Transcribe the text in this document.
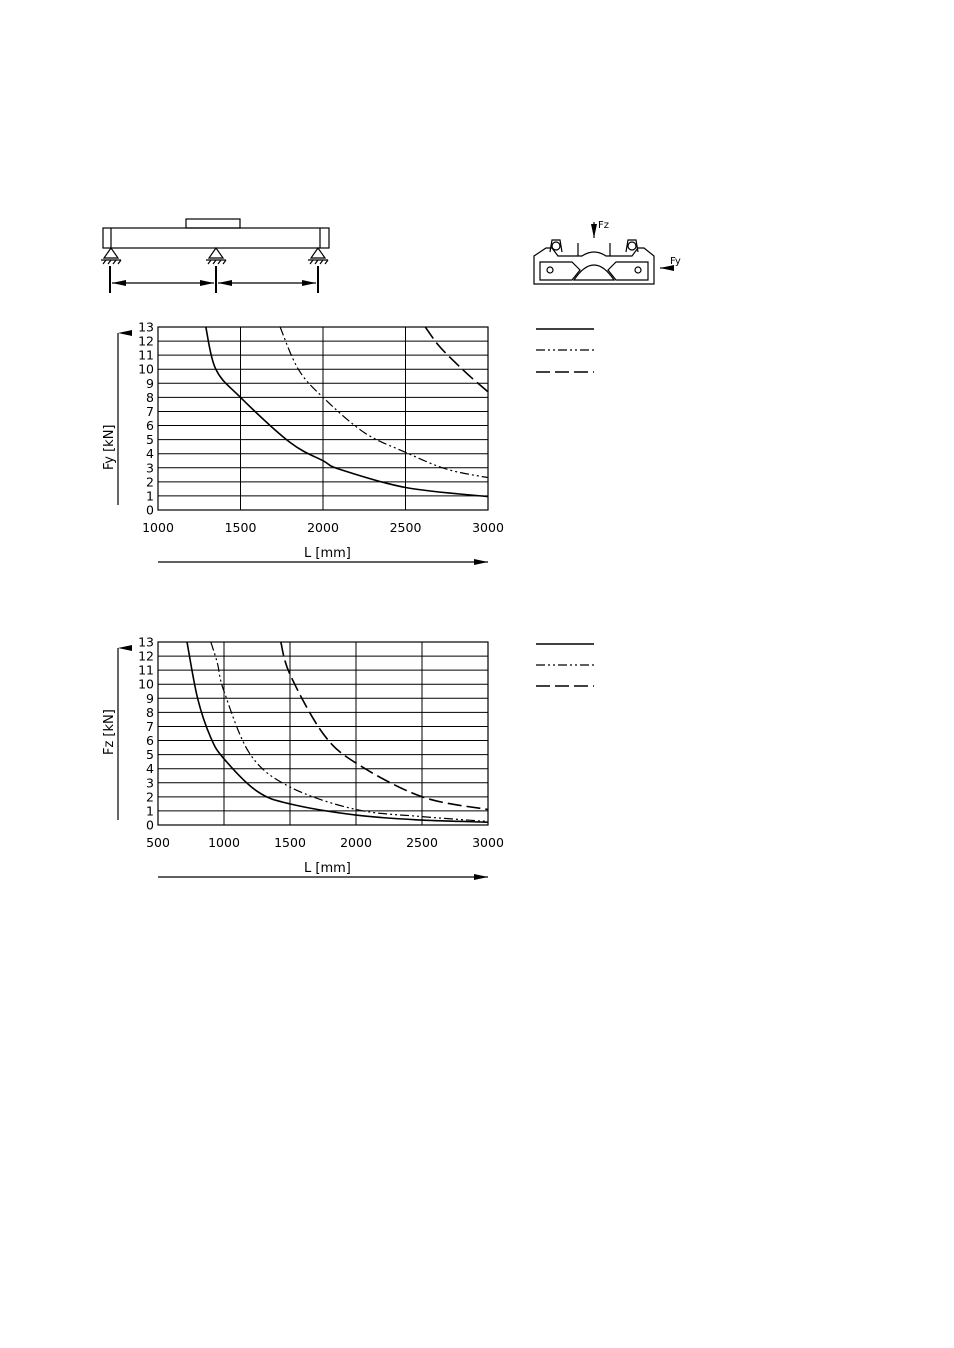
Fz
Fy
0
1
2
3
4
5
6
7
8
9
10
11
12
13
1000	1500	2000	2500	3000
L [mm]
Fy [kN]
0
1
2
3
4
5
6
7
8
9
10
11
12
13
500	1000	1500	2000	2500	3000
L [mm]
Fz [kN]
